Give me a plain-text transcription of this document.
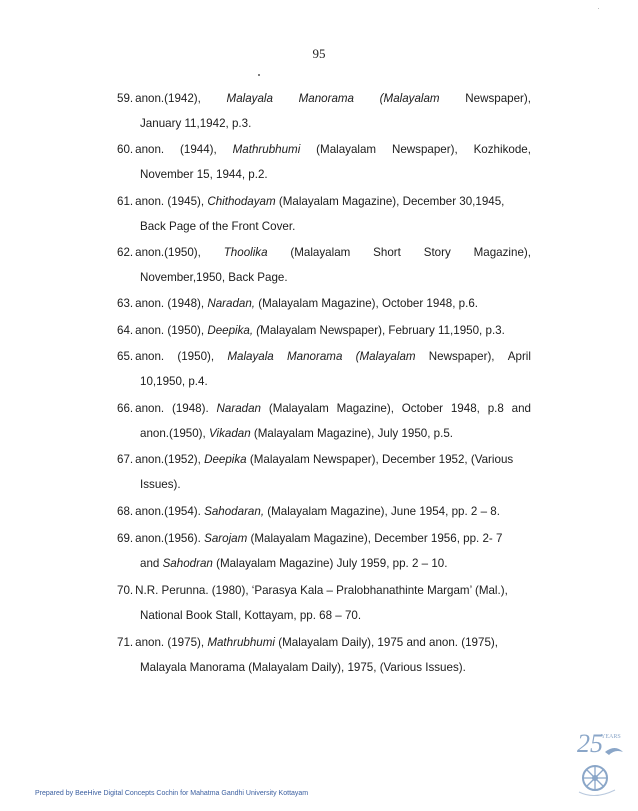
95
59. anon.(1942), Malayala Manorama (Malayalam Newspaper),
January 11,1942, p.3.
60. anon. (1944), Mathrubhumi (Malayalam Newspaper), Kozhikode,
November 15, 1944, p.2.
61. anon. (1945), Chithodayam (Malayalam Magazine), December 30,1945,
Back Page of the Front Cover.
62. anon.(1950), Thoolika (Malayalam Short Story Magazine),
November,1950, Back Page.
63. anon. (1948), Naradan, (Malayalam Magazine), October 1948, p.6.
64. anon. (1950), Deepika, (Malayalam Newspaper), February 11,1950, p.3.
65. anon. (1950), Malayala Manorama (Malayalam Newspaper), April
10,1950, p.4.
66. anon. (1948). Naradan (Malayalam Magazine), October 1948, p.8 and
anon.(1950), Vikadan (Malayalam Magazine), July 1950, p.5.
67. anon.(1952), Deepika (Malayalam Newspaper), December 1952, (Various
Issues).
68. anon.(1954). Sahodaran, (Malayalam Magazine), June 1954, pp. 2 – 8.
69. anon.(1956). Sarojam (Malayalam Magazine), December 1956, pp. 2- 7
and Sahodran (Malayalam Magazine) July 1959, pp. 2 – 10.
70. N.R. Perunna. (1980), ‘Parasya Kala – Pralobhanathinte Margam’ (Mal.),
National Book Stall, Kottayam, pp. 68 – 70.
71. anon. (1975), Mathrubhumi (Malayalam Daily), 1975 and anon. (1975),
Malayala Manorama (Malayalam Daily), 1975, (Various Issues).
Prepared by BeeHive Digital Concepts Cochin for Mahatma Gandhi University Kottayam
25
YEARS
